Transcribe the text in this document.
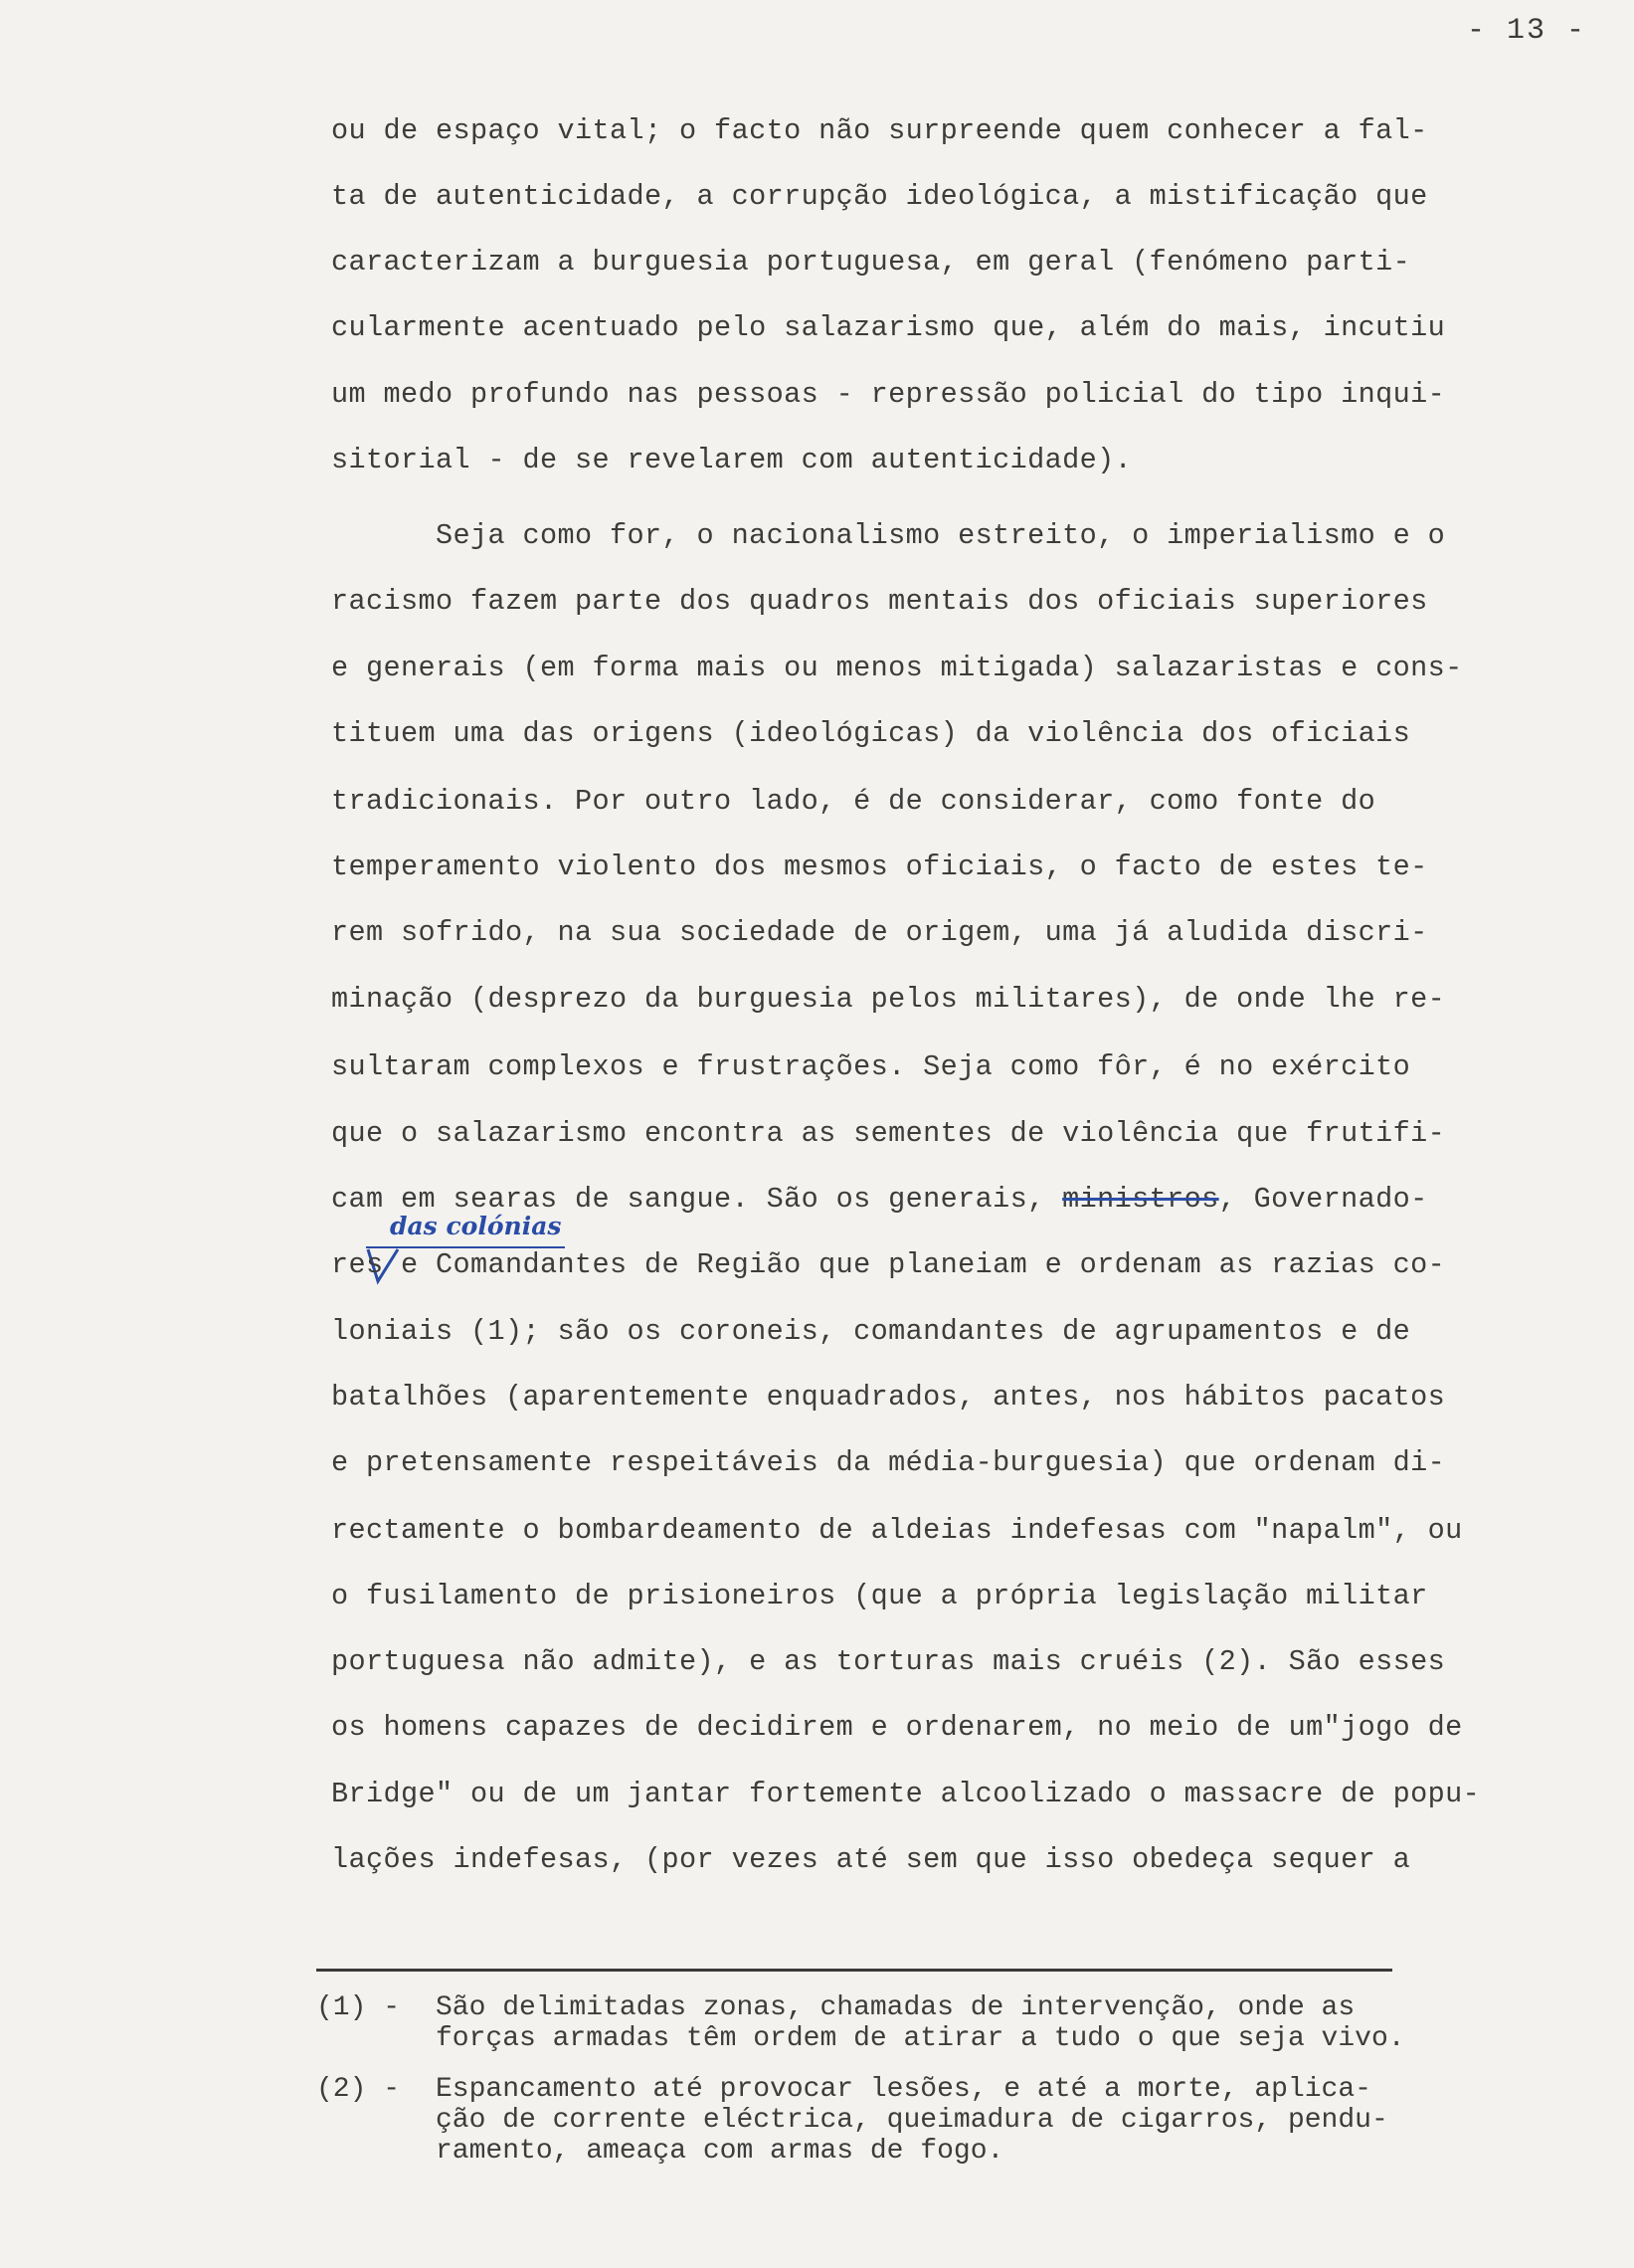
- 13 -
ou de espaço vital; o facto não surpreende quem conhecer a fal-
ta de autenticidade, a corrupção ideológica, a mistificação que
caracterizam a burguesia portuguesa, em geral (fenómeno parti-
cularmente acentuado pelo salazarismo que, além do mais, incutiu
um medo profundo nas pessoas - repressão policial do tipo inqui-
sitorial - de se revelarem com autenticidade).
Seja como for, o nacionalismo estreito, o imperialismo e o
racismo fazem parte dos quadros mentais dos oficiais superiores
e generais (em forma mais ou menos mitigada) salazaristas e cons-
tituem uma das origens (ideológicas) da violência dos oficiais
tradicionais. Por outro lado, é de considerar, como fonte do
temperamento violento dos mesmos oficiais, o facto de estes te-
rem sofrido, na sua sociedade de origem, uma já aludida discri-
minação (desprezo da burguesia pelos militares), de onde lhe re-
sultaram complexos e frustrações. Seja como fôr, é no exército
que o salazarismo encontra as sementes de violência que frutifi-
cam em searas de sangue. São os generais, ministros, Governado-
das colónias
res e Comandantes de Região que planeiam e ordenam as razias co-
loniais (1); são os coroneis, comandantes de agrupamentos e de
batalhões (aparentemente enquadrados, antes, nos hábitos pacatos
e pretensamente respeitáveis da média-burguesia) que ordenam di-
rectamente o bombardeamento de aldeias indefesas com "napalm", ou
o fusilamento de prisioneiros (que a própria legislação militar
portuguesa não admite), e as torturas mais cruéis (2). São esses
os homens capazes de decidirem e ordenarem, no meio de um"jogo de
Bridge" ou de um jantar fortemente alcoolizado o massacre de popu-
lações indefesas, (por vezes até sem que isso obedeça sequer a
(1) - São delimitadas zonas, chamadas de intervenção, onde as
forças armadas têm ordem de atirar a tudo o que seja vivo.
(2) - Espancamento até provocar lesões, e até a morte, aplica-
ção de corrente eléctrica, queimadura de cigarros, pendu-
ramento, ameaça com armas de fogo.
